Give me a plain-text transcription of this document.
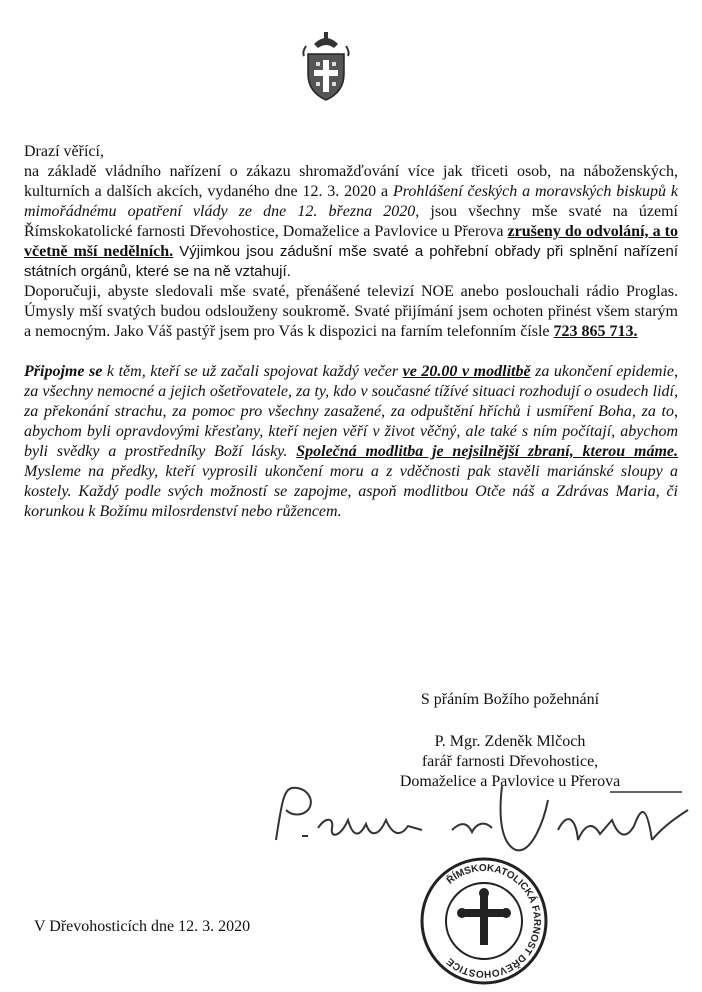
Drazí věřící,

na základě vládního nařízení o zákazu shromažďování více jak třiceti osob, na náboženských, kulturních a dalších akcích, vydaného dne 12. 3. 2020 a Prohlášení českých a moravských biskupů k mimořádnému opatření vlády ze dne 12. března 2020, jsou všechny mše svaté na území Římskokatolické farnosti Dřevohostice, Domaželice a Pavlovice u Přerova zrušeny do odvolání, a to včetně mší nedělních. Výjimkou jsou zádušní mše svaté a pohřební obřady při splnění nařízení státních orgánů, které se na ně vztahují.

Doporučuji, abyste sledovali mše svaté, přenášené televizí NOE anebo poslouchali rádio Proglas. Úmysly mší svatých budou odslouženy soukromě. Svaté přijímání jsem ochoten přinést všem starým a nemocným. Jako Váš pastýř jsem pro Vás k dispozici na farním telefonním čísle 723 865 713.

Připojme se k těm, kteří se už začali spojovat každý večer ve 20.00 v modlitbě za ukončení epidemie, za všechny nemocné a jejich ošetřovatele, za ty, kdo v současné tížívé situaci rozhodují o osudech lidí, za překonání strachu, za pomoc pro všechny zasažené, za odpuštění hříchů i usmíření Boha, za to, abychom byli opravdovými křesťany, kteří nejen věří v život věčný, ale také s ním počítají, abychom byli svědky a prostředníky Boží lásky. Společná modlitba je nejsilnější zbraní, kterou máme. Mysleme na předky, kteří vyprosili ukončení moru a z vděčnosti pak stavěli mariánské sloupy a kostely. Každý podle svých možností se zapojme, aspoň modlitbou Otče náš a Zdrávas Maria, či korunkou k Božímu milosrdenství nebo růžencem.

S přáním Božího požehnání
P. Mgr. Zdeněk Mlčoch
farář farnosti Dřevohostice,
Domaželice a Pavlovice u Přerova
ŘÍMSKOKATOLICKÁ FARNOST DŘEVOHOSTICE
V Dřevohosticích dne 12. 3. 2020
